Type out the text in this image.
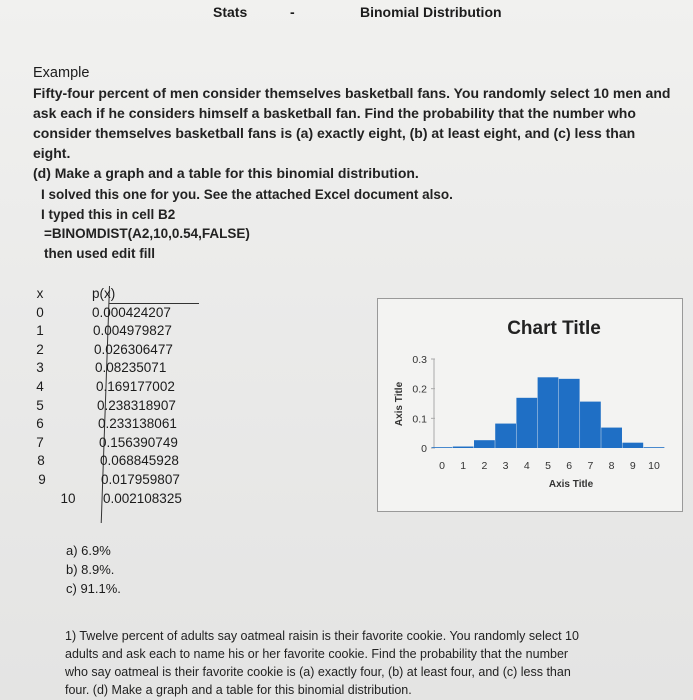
Stats	-	Binomial Distribution
Example
Fifty-four percent of men consider themselves basketball fans. You randomly select 10 men and
ask each if he considers himself a basketball fan. Find the probability that the number who
consider themselves basketball fans is (a) exactly eight, (b) at least eight, and (c) less than eight.
(d) Make a graph and a table for this binomial distribution.
I solved this one for you. See the attached Excel document also.
I typed this in cell B2
=BINOMDIST(A2,10,0.54,FALSE)
then used edit fill
x	p(x)
0	0.000424207
1	0.004979827
2	0.026306477
3	0.08235071
4	0.169177002
5	0.238318907
6	0.233138061
7	0.156390749
8	0.068845928
9	0.017959807
10	0.002108325
Chart Title
0
0.1
0.2
0.3
Axis Title
0 1 2 3 4 5 6 7 8 9 10
Axis Title
a) 6.9%
b) 8.9%.
c) 91.1%.
1) Twelve percent of adults say oatmeal raisin is their favorite cookie. You randomly select 10
adults and ask each to name his or her favorite cookie. Find the probability that the number
who say oatmeal is their favorite cookie is (a) exactly four, (b) at least four, and (c) less than
four. (d) Make a graph and a table for this binomial distribution.
